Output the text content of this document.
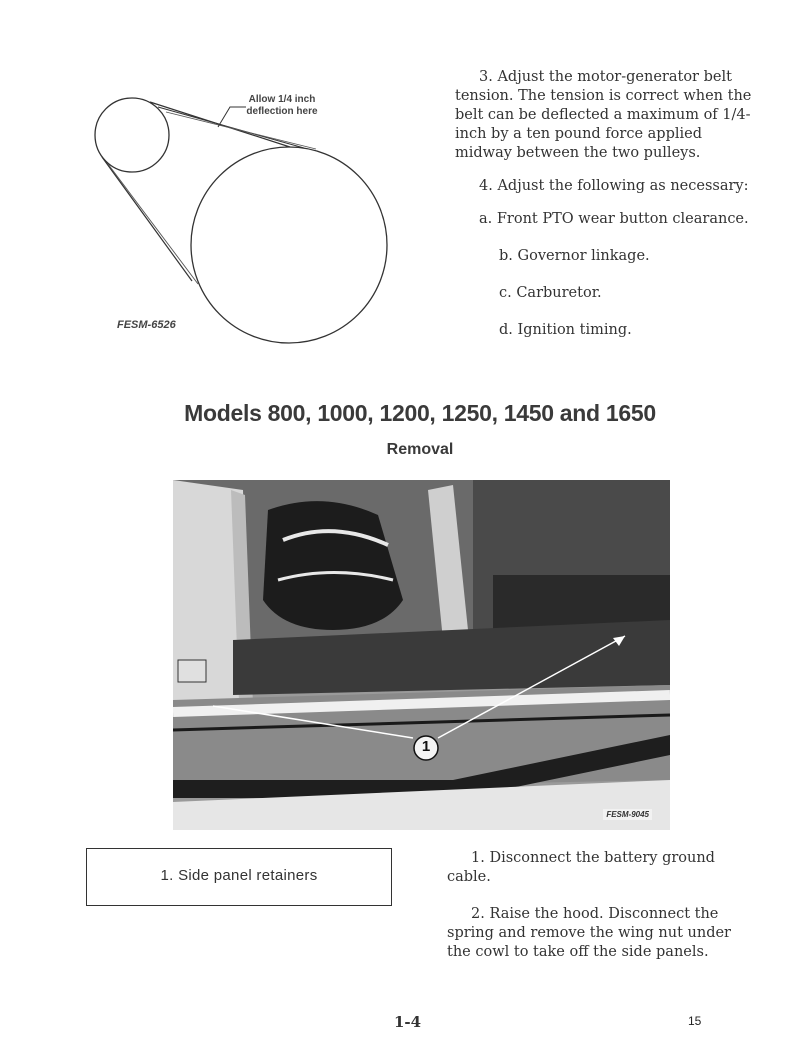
Allow 1/4 inch
deflection here
FESM-6526

3. Adjust the motor-generator belt tension. The tension is correct when the belt can be deflected a maximum of 1/4-inch by a ten pound force applied midway between the two pulleys.

4. Adjust the following as necessary:

a. Front PTO wear button clearance.

b. Governor linkage.

c. Carburetor.

d. Ignition timing.

Models 800, 1000, 1200, 1250, 1450 and 1650
Removal
1
FESM-9045
1. Side panel retainers

1. Disconnect the battery ground cable.

2. Raise the hood. Disconnect the spring and remove the wing nut under the cowl to take off the side panels.

1-4	15
